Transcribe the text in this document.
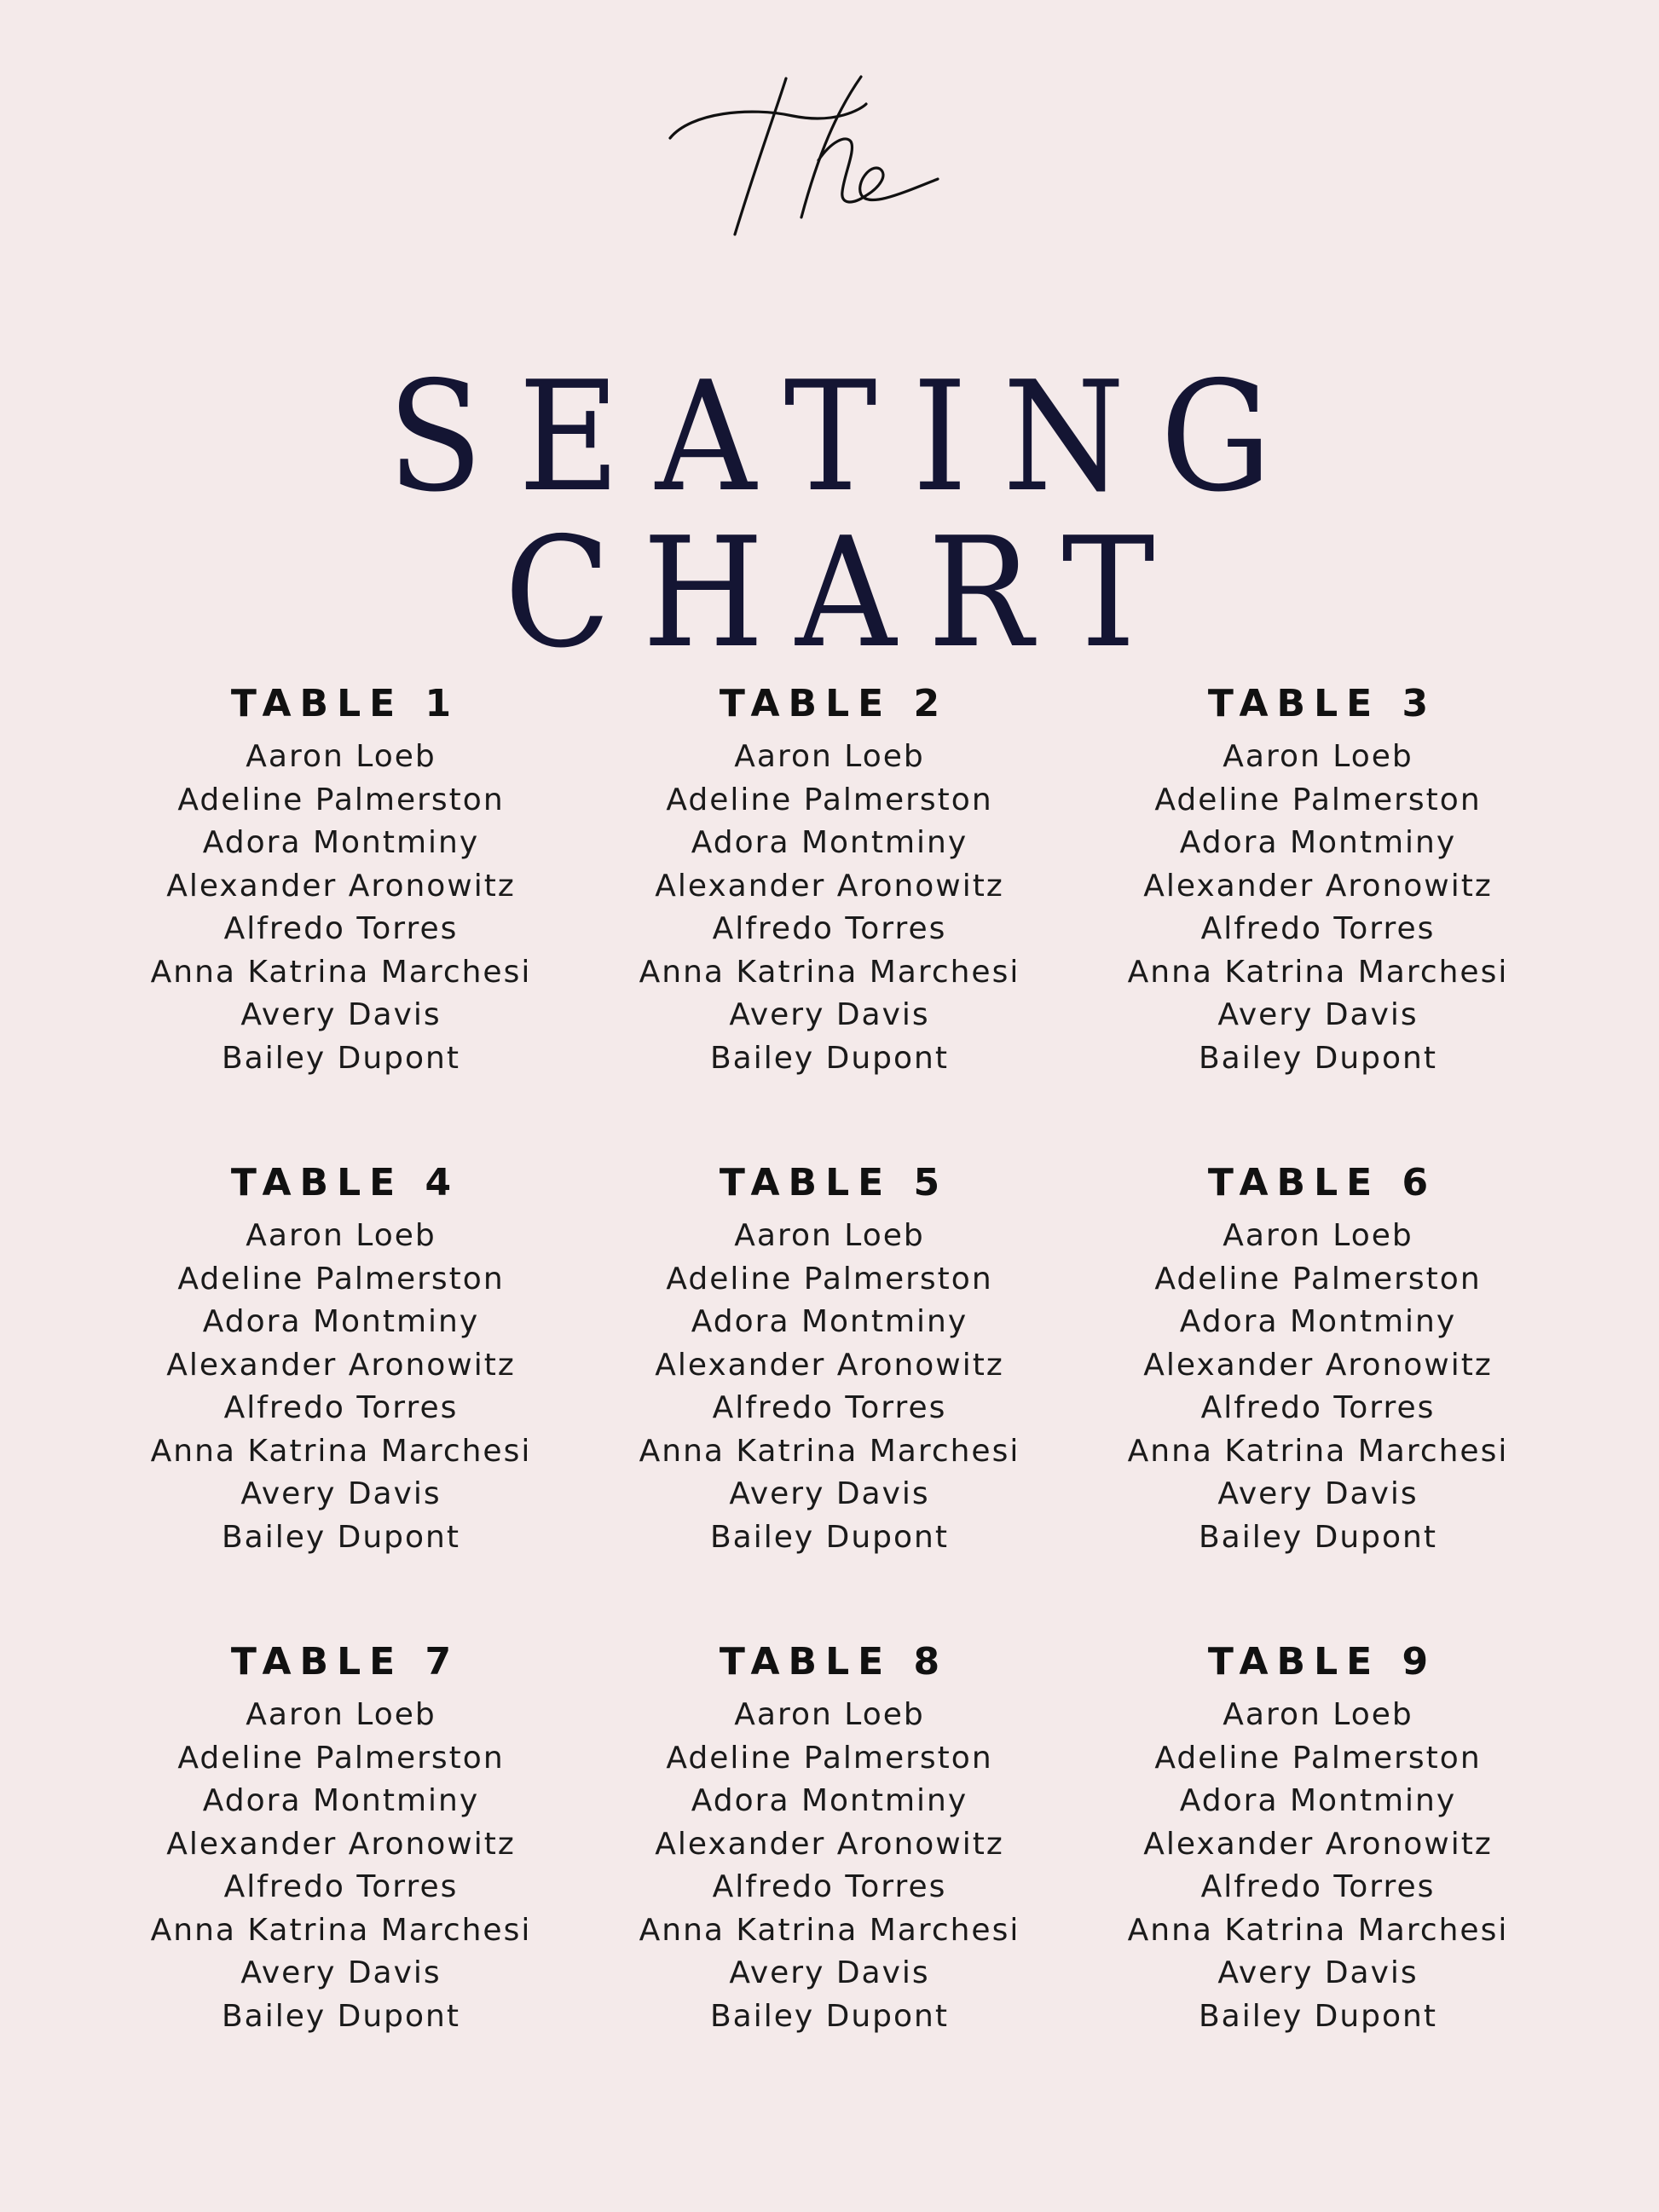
SEATING
CHART
TABLE 1
Aaron Loeb
Adeline Palmerston
Adora Montminy
Alexander Aronowitz
Alfredo Torres
Anna Katrina Marchesi
Avery Davis
Bailey Dupont
TABLE 2
Aaron Loeb
Adeline Palmerston
Adora Montminy
Alexander Aronowitz
Alfredo Torres
Anna Katrina Marchesi
Avery Davis
Bailey Dupont
TABLE 3
Aaron Loeb
Adeline Palmerston
Adora Montminy
Alexander Aronowitz
Alfredo Torres
Anna Katrina Marchesi
Avery Davis
Bailey Dupont
TABLE 4
Aaron Loeb
Adeline Palmerston
Adora Montminy
Alexander Aronowitz
Alfredo Torres
Anna Katrina Marchesi
Avery Davis
Bailey Dupont
TABLE 5
Aaron Loeb
Adeline Palmerston
Adora Montminy
Alexander Aronowitz
Alfredo Torres
Anna Katrina Marchesi
Avery Davis
Bailey Dupont
TABLE 6
Aaron Loeb
Adeline Palmerston
Adora Montminy
Alexander Aronowitz
Alfredo Torres
Anna Katrina Marchesi
Avery Davis
Bailey Dupont
TABLE 7
Aaron Loeb
Adeline Palmerston
Adora Montminy
Alexander Aronowitz
Alfredo Torres
Anna Katrina Marchesi
Avery Davis
Bailey Dupont
TABLE 8
Aaron Loeb
Adeline Palmerston
Adora Montminy
Alexander Aronowitz
Alfredo Torres
Anna Katrina Marchesi
Avery Davis
Bailey Dupont
TABLE 9
Aaron Loeb
Adeline Palmerston
Adora Montminy
Alexander Aronowitz
Alfredo Torres
Anna Katrina Marchesi
Avery Davis
Bailey Dupont
